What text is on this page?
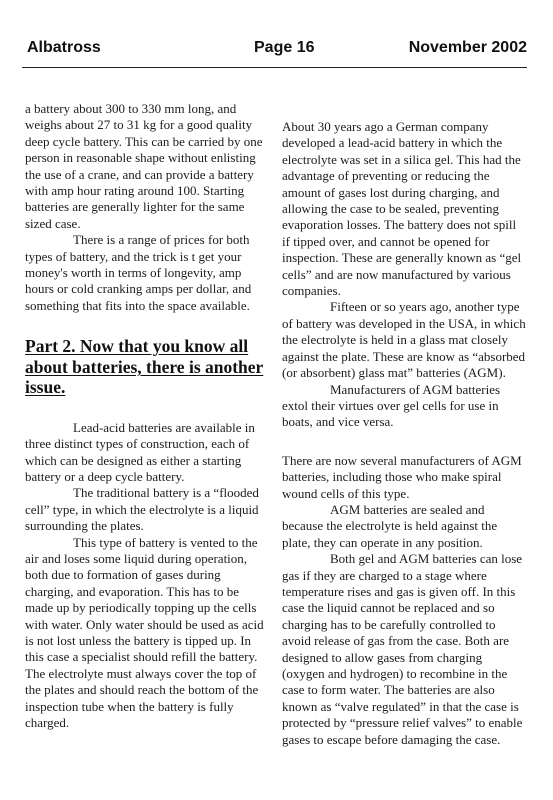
Albatross	Page 16	November 2002

a battery about 300 to 330 mm long, and weighs about 27 to 31 kg for a good quality deep cycle battery. This can be carried by one person in reasonable shape without enlisting the use of a crane, and can provide a battery with amp hour rating around 100. Starting batteries are generally lighter for the same sized case.

There is a range of prices for both types of battery, and the trick is t get your money's worth in terms of longevity, amp hours or cold cranking amps per dollar, and something that fits into the space available.

Part 2. Now that you know all about batteries, there is another issue.

Lead-acid batteries are available in three distinct types of construction, each of which can be designed as either a starting battery or a deep cycle battery.

The traditional battery is a “flooded cell” type, in which the electrolyte is a liquid surrounding the plates.

This type of battery is vented to the air and loses some liquid during operation, both due to formation of gases during charging, and evaporation. This has to be made up by periodically topping up the cells with water. Only water should be used as acid is not lost unless the battery is tipped up. In this case a specialist should refill the battery. The electrolyte must always cover the top of the plates and should reach the bottom of the inspection tube when the battery is fully charged.

About 30 years ago a German company developed a lead-acid battery in which the electrolyte was set in a silica gel. This had the advantage of preventing or reducing the amount of gases lost during charging, and allowing the case to be sealed, preventing evaporation losses. The battery does not spill if tipped over, and cannot be opened for inspection. These are generally known as “gel cells” and are now manufactured by various companies.

Fifteen or so years ago, another type of battery was developed in the USA, in which the electrolyte is held in a glass mat closely against the plate. These are know as “absorbed (or absorbent) glass mat” batteries (AGM).

Manufacturers of AGM batteries extol their virtues over gel cells for use in boats, and vice versa.

There are now several manufacturers of AGM batteries, including those who make spiral wound cells of this type.

AGM batteries are sealed and because the electrolyte is held against the plate, they can operate in any position.

Both gel and AGM batteries can lose gas if they are charged to a stage where temperature rises and gas is given off. In this case the liquid cannot be replaced and so charging has to be carefully controlled to avoid release of gas from the case. Both are designed to allow gases from charging (oxygen and hydrogen) to recombine in the case to form water. The batteries are also known as “valve regulated” in that the case is protected by “pressure relief valves” to enable gases to escape before damaging the case.
